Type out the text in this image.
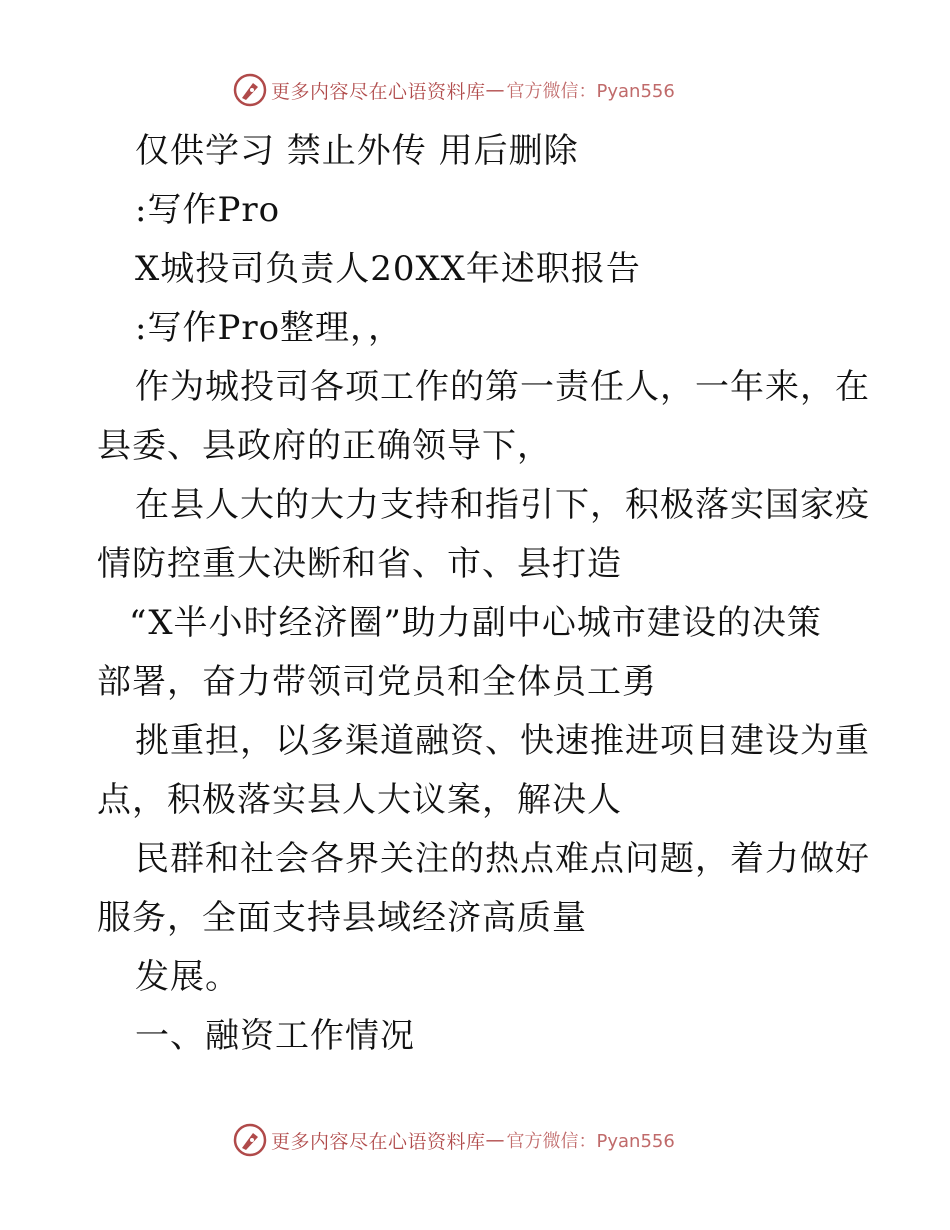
更多内容尽在心语资料库 — 官方微信：Pyan556
仅供学习 禁止外传 用后删除
:写作Pro
X城投司负责人20XX年述职报告
:写作Pro整理，，
作为城投司各项工作的第一责任人，一年来，在
县委、县政府的正确领导下，
在县人大的大力支持和指引下，积极落实国家疫
情防控重大决断和省、市、县打造
“X半小时经济圈”助力副中心城市建设的决策
部署，奋力带领司党员和全体员工勇
挑重担，以多渠道融资、快速推进项目建设为重
点，积极落实县人大议案，解决人
民群和社会各界关注的热点难点问题，着力做好
服务，全面支持县域经济高质量
发展。
一、融资工作情况
更多内容尽在心语资料库 — 官方微信：Pyan556
